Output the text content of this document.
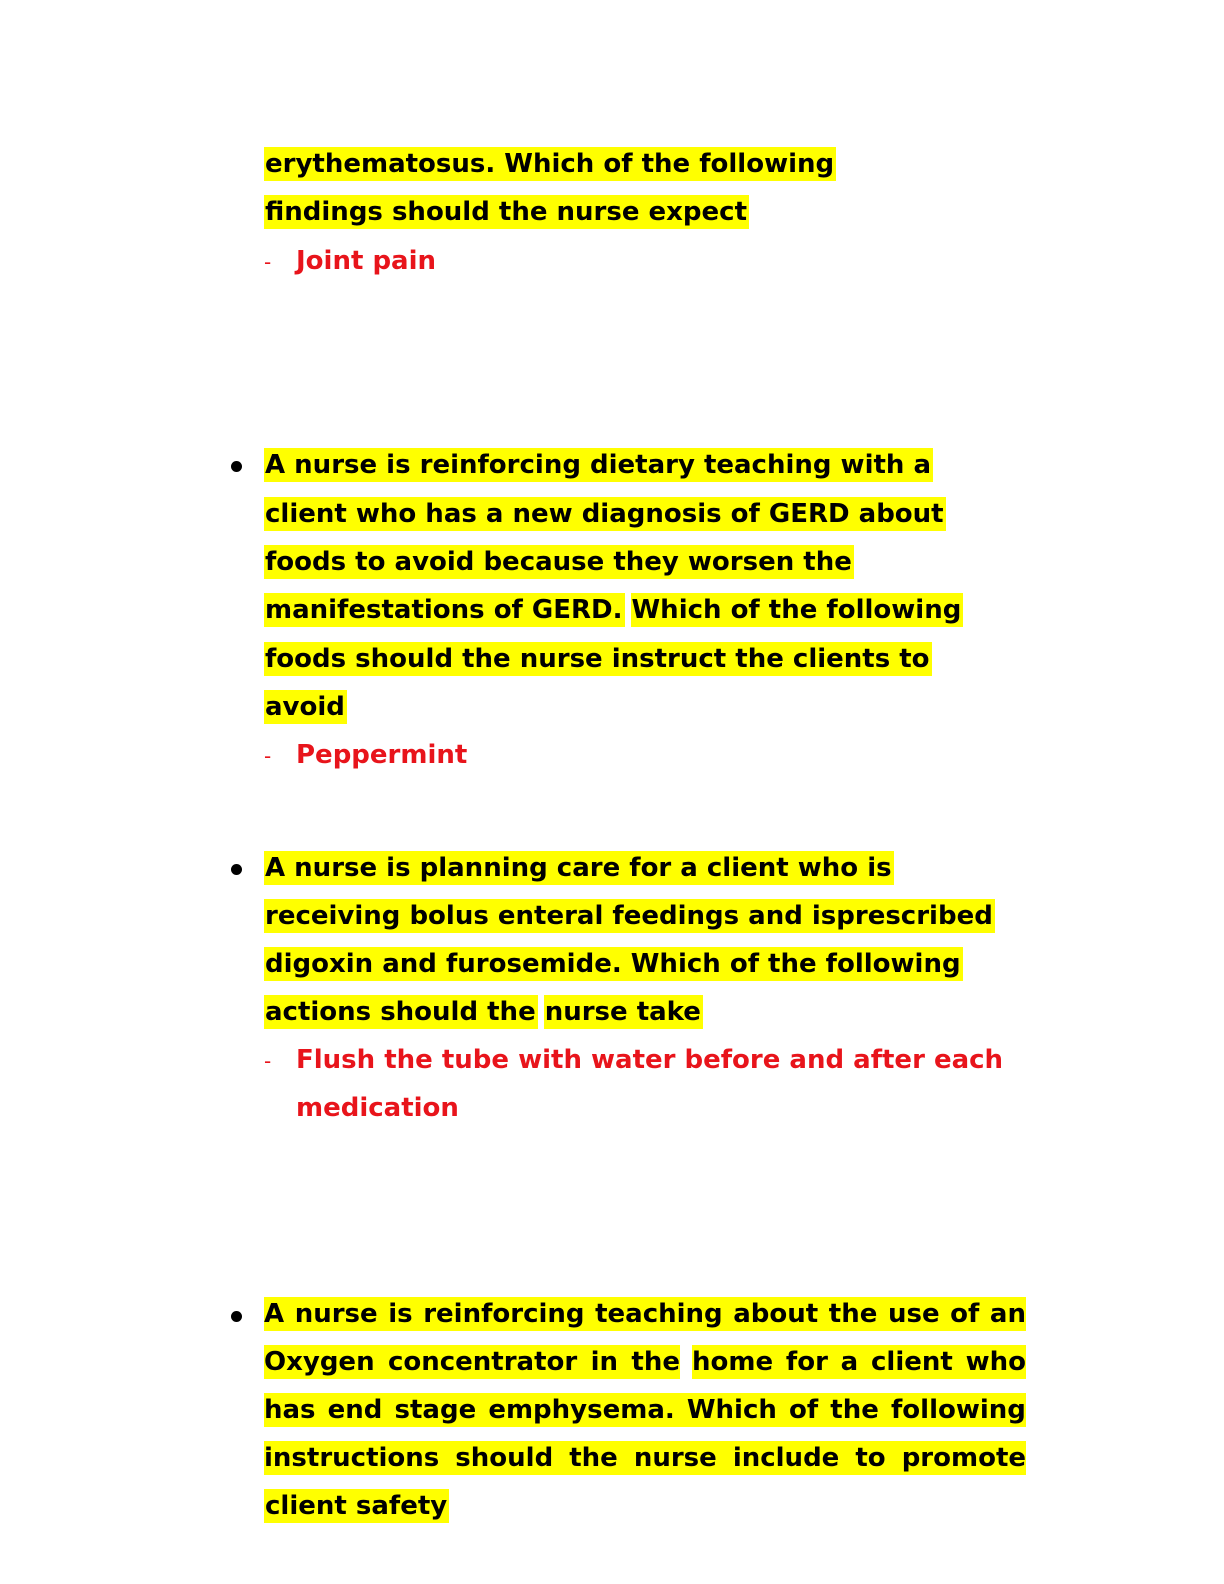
erythematosus. Which of the following
findings should the nurse expect
- Joint pain
A nurse is reinforcing dietary teaching with a
client who has a new diagnosis of GERD about
foods to avoid because they worsen the
manifestations of GERD. Which of the following
foods should the nurse instruct the clients to
avoid
- Peppermint
A nurse is planning care for a client who is
receiving bolus enteral feedings and isprescribed
digoxin and furosemide. Which of the following
actions should the nurse take
- Flush the tube with water before and after each
medication
A nurse is reinforcing teaching about the use of an
Oxygen concentrator in the home for a client who
has end stage emphysema. Which of the following
instructions should the nurse include to promote
client safety
